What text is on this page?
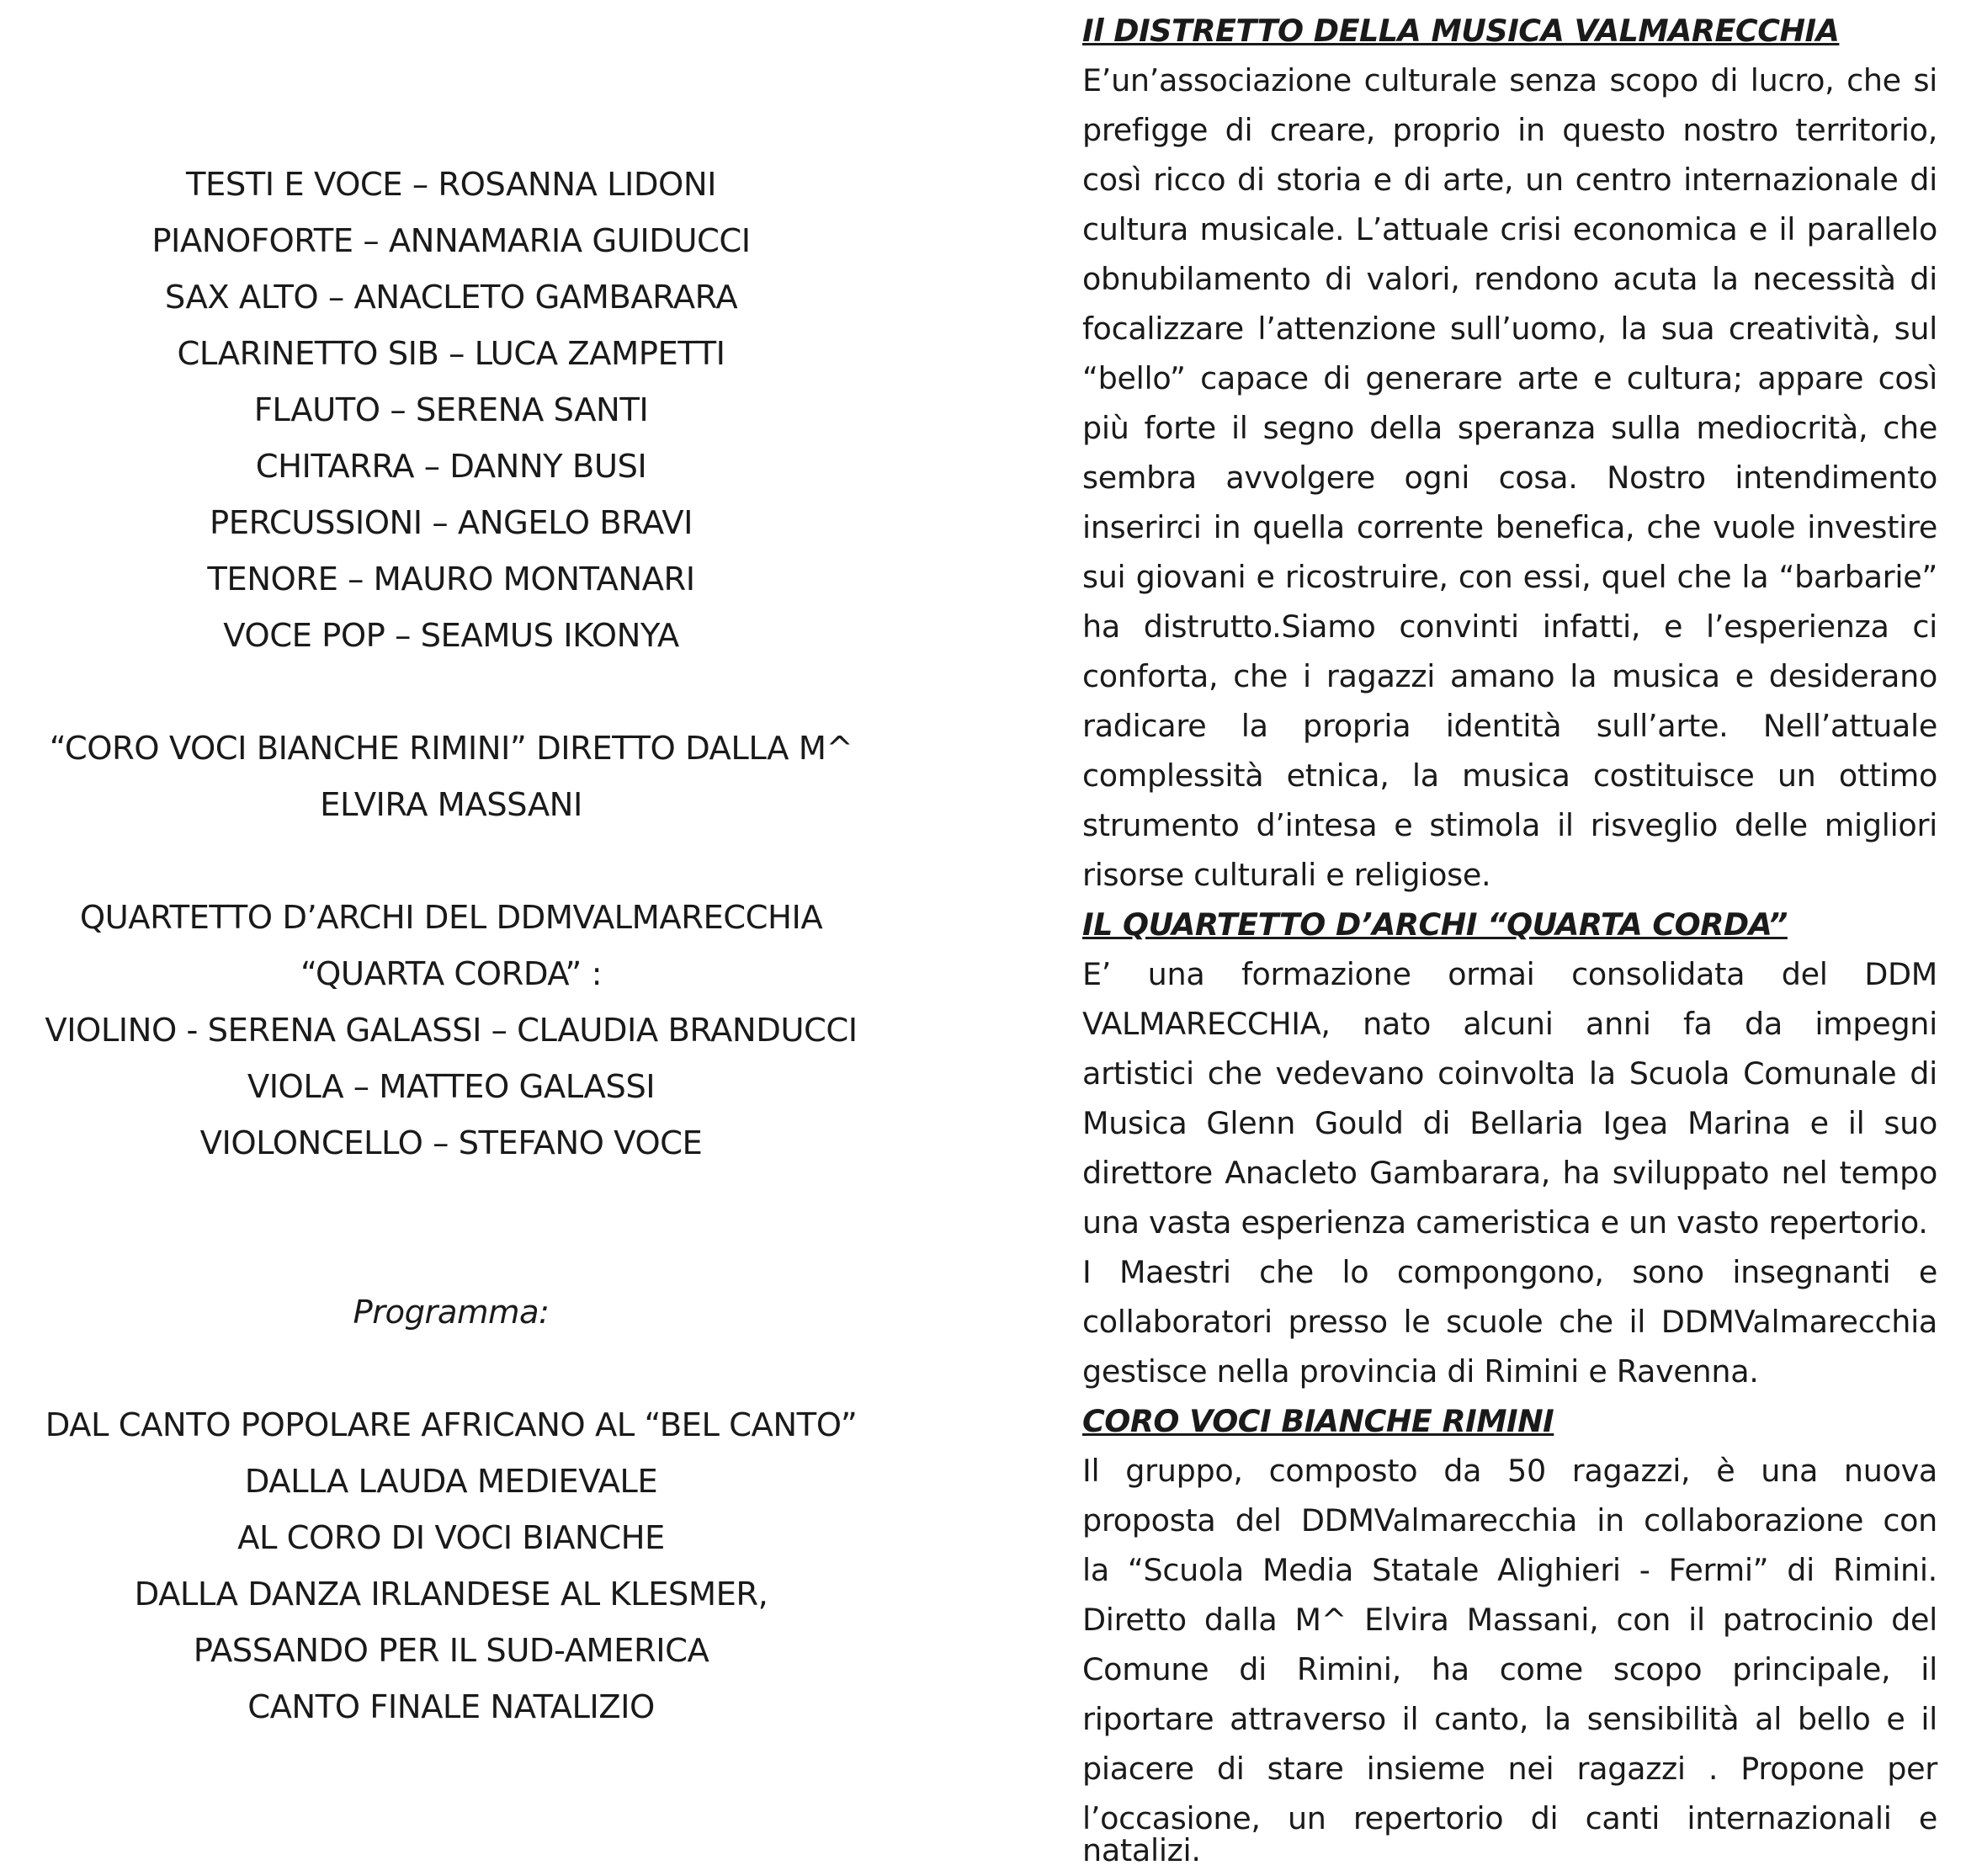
TESTI E VOCE – ROSANNA LIDONI
PIANOFORTE – ANNAMARIA GUIDUCCI
SAX ALTO – ANACLETO GAMBARARA
CLARINETTO SIB – LUCA ZAMPETTI
FLAUTO – SERENA SANTI
CHITARRA – DANNY BUSI
PERCUSSIONI – ANGELO BRAVI
TENORE – MAURO MONTANARI
VOCE POP – SEAMUS IKONYA
“CORO VOCI BIANCHE RIMINI” DIRETTO DALLA M^
ELVIRA MASSANI
QUARTETTO D’ARCHI DEL DDMVALMARECCHIA
“QUARTA CORDA” :
VIOLINO - SERENA GALASSI – CLAUDIA BRANDUCCI
VIOLA – MATTEO GALASSI
VIOLONCELLO – STEFANO VOCE
Programma:
DAL CANTO POPOLARE AFRICANO AL “BEL CANTO”
DALLA LAUDA MEDIEVALE
AL CORO DI VOCI BIANCHE
DALLA DANZA IRLANDESE AL KLESMER,
PASSANDO PER IL SUD-AMERICA
CANTO FINALE NATALIZIO
Il DISTRETTO DELLA MUSICA VALMARECCHIA
E’un’associazione culturale senza scopo di lucro, che si
prefigge di creare, proprio in questo nostro territorio,
così ricco di storia e di arte, un centro internazionale di
cultura musicale. L’attuale crisi economica e il parallelo
obnubilamento di valori, rendono acuta la necessità di
focalizzare l’attenzione sull’uomo, la sua creatività, sul
“bello” capace di generare arte e cultura; appare così
più forte il segno della speranza sulla mediocrità, che
sembra avvolgere ogni cosa. Nostro intendimento
inserirci in quella corrente benefica, che vuole investire
sui giovani e ricostruire, con essi, quel che la “barbarie”
ha distrutto.Siamo convinti infatti, e l’esperienza ci
conforta, che i ragazzi amano la musica e desiderano
radicare la propria identità sull’arte. Nell’attuale
complessità etnica, la musica costituisce un ottimo
strumento d’intesa e stimola il risveglio delle migliori
risorse culturali e religiose.
IL QUARTETTO D’ARCHI “QUARTA CORDA”
E’ una formazione ormai consolidata del DDM
VALMARECCHIA, nato alcuni anni fa da impegni
artistici che vedevano coinvolta la Scuola Comunale di
Musica Glenn Gould di Bellaria Igea Marina e il suo
direttore Anacleto Gambarara, ha sviluppato nel tempo
una vasta esperienza cameristica e un vasto repertorio.
I Maestri che lo compongono, sono insegnanti e
collaboratori presso le scuole che il DDMValmarecchia
gestisce nella provincia di Rimini e Ravenna.
CORO VOCI BIANCHE RIMINI
Il gruppo, composto da 50 ragazzi, è una nuova
proposta del DDMValmarecchia in collaborazione con
la “Scuola Media Statale Alighieri - Fermi” di Rimini.
Diretto dalla M^ Elvira Massani, con il patrocinio del
Comune di Rimini, ha come scopo principale, il
riportare attraverso il canto, la sensibilità al bello e il
piacere di stare insieme nei ragazzi . Propone per
l’occasione, un repertorio di canti internazionali e
natalizi.
